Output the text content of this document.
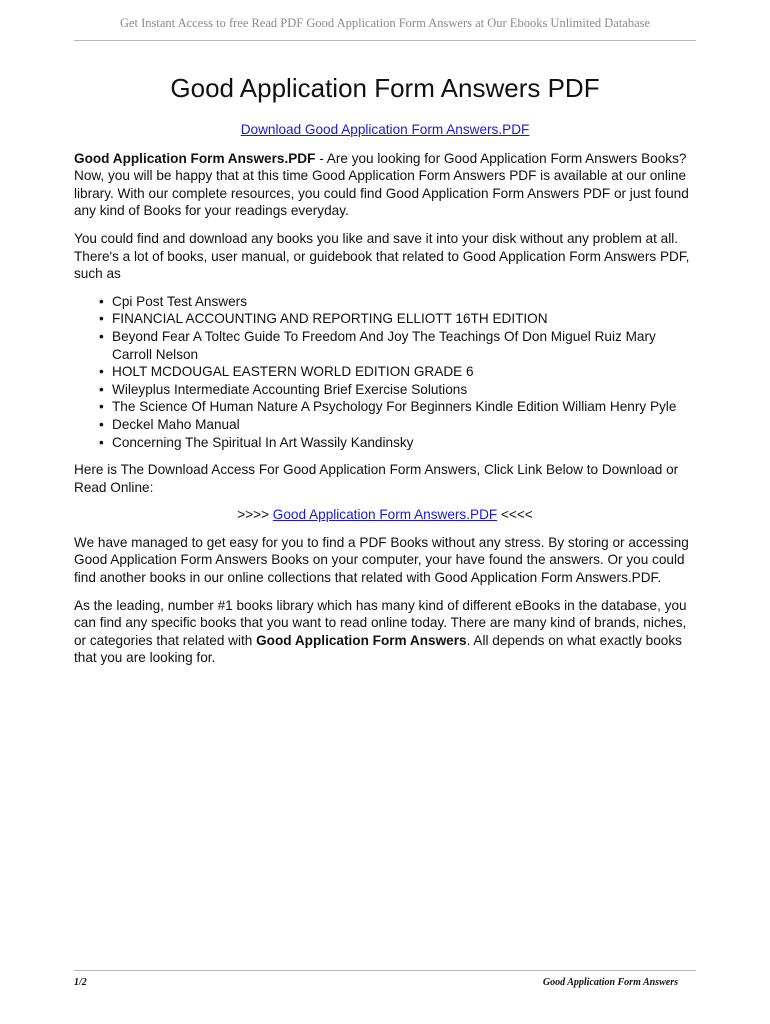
Get Instant Access to free Read PDF Good Application Form Answers at Our Ebooks Unlimited Database
Good Application Form Answers PDF
Download Good Application Form Answers.PDF

Good Application Form Answers.PDF - Are you looking for Good Application Form Answers Books? Now, you will be happy that at this time Good Application Form Answers PDF is available at our online library. With our complete resources, you could find Good Application Form Answers PDF or just found any kind of Books for your readings everyday.

You could find and download any books you like and save it into your disk without any problem at all. There's a lot of books, user manual, or guidebook that related to Good Application Form Answers PDF, such as

• Cpi Post Test Answers
• FINANCIAL ACCOUNTING AND REPORTING ELLIOTT 16TH EDITION
• Beyond Fear A Toltec Guide To Freedom And Joy The Teachings Of Don Miguel Ruiz Mary Carroll Nelson
• HOLT MCDOUGAL EASTERN WORLD EDITION GRADE 6
• Wileyplus Intermediate Accounting Brief Exercise Solutions
• The Science Of Human Nature A Psychology For Beginners Kindle Edition William Henry Pyle
• Deckel Maho Manual
• Concerning The Spiritual In Art Wassily Kandinsky

Here is The Download Access For Good Application Form Answers, Click Link Below to Download or Read Online:

>>>> Good Application Form Answers.PDF <<<<

We have managed to get easy for you to find a PDF Books without any stress. By storing or accessing Good Application Form Answers Books on your computer, your have found the answers. Or you could find another books in our online collections that related with Good Application Form Answers.PDF.

As the leading, number #1 books library which has many kind of different eBooks in the database, you can find any specific books that you want to read online today. There are many kind of brands, niches, or categories that related with Good Application Form Answers. All depends on what exactly books that you are looking for.

1/2	Good Application Form Answers
